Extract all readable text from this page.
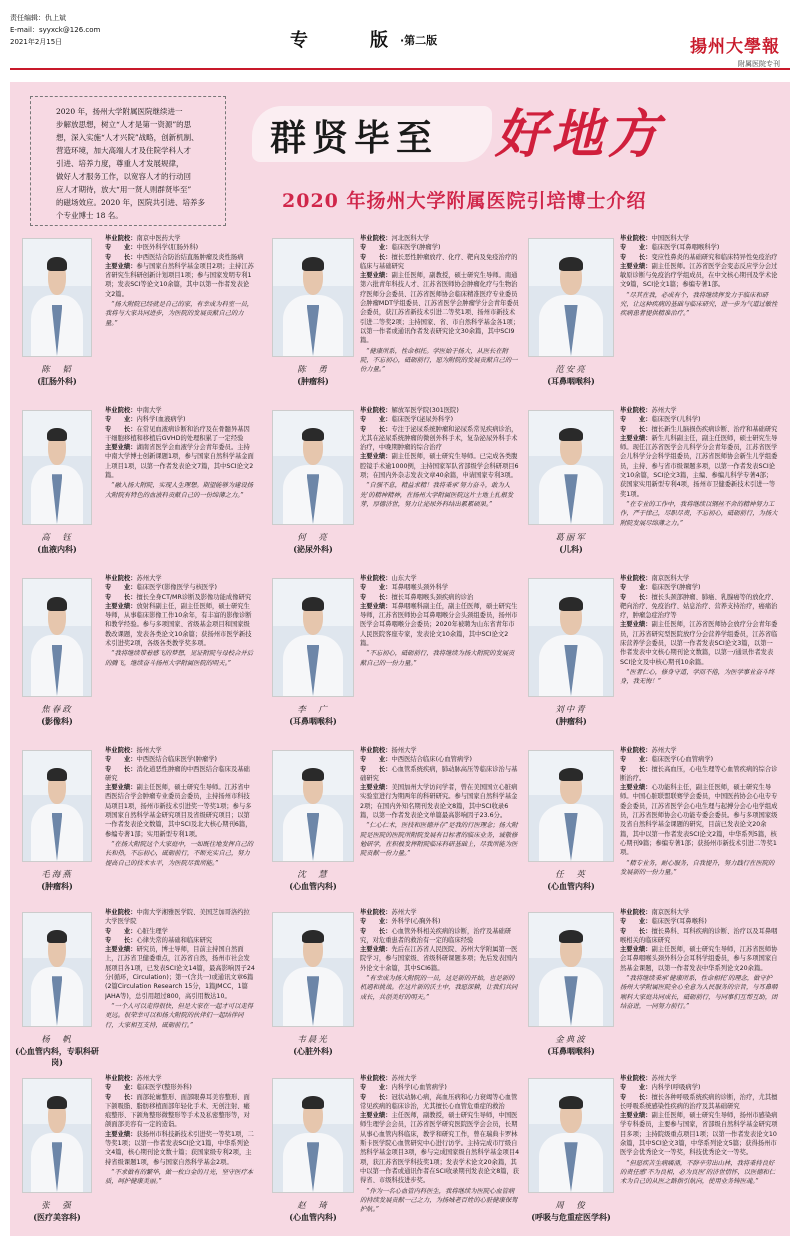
责任编辑：仇上斌
E-mail：syyxck@126.com
2021年2月15日	专　版
·第二版	揚州大學報
附属医院专刊
2020 年，扬州大学附属医院继续进一
步解放思想，树立“人才是第一资源”的思
想，深入实施“人才兴院”战略，创新机制、
营造环境，加大高端人才及住院学科人才
引进、培养力度，尊重人才发展规律，
做好人才服务工作，以宽容人才的行动回
应人才期待，放大“用一贤人则群贤毕至”
的磁场效应。2020 年，医院共引进、培养多
个专业博士 18 名。
群贤毕至 好地方
2020 年扬州大学附属医院引培博士介绍
陈　韬
(肛肠外科)

毕业院校：南京中医药大学

专　　业：中医外科学(肛肠外科)

专　　长：中西医结合防治结直肠肿瘤及炎性肠病

主要业绩：参与国家自然科学基金项目2项；主持江苏省研究生科研创新计划项目1项；参与国家发明专利1项；发表SCI等论文10余篇，其中以第一作者发表论文2篇。

“扬大附院已经就是自己的家，有幸成为科室一员，我将与大家共同进步，为医院的发展贡献自己的力量。”

陈　勇
(肿瘤科)

毕业院校：河北医科大学

专　　业：临床医学(肿瘤学)

专　　长：擅长恶性肿瘤放疗、化疗、靶向及免疫治疗的临床与基础研究

主要业绩：副主任医师，副教授，硕士研究生导师。南通第六批青年科技人才、江苏省医师协会肿瘤化疗与生物治疗医师分会委员、江苏省医师协会临床精准医疗专业委员会肿瘤MDT学组委员、江苏省医学会肿瘤学分会青年委员会委员，获江苏省新技术引进二等奖1项、扬州市新技术引进二等奖2项；主持国家、省、市自然科学基金各1项；以第一作者或通讯作者发表研究论文30余篇，其中SCI9篇。

“健康所系，性命相托。学医始于扬大，从医长在附院，不忘初心，砥砺前行，愿为附院的发展贡献自己的一份力量。”	范安亮
(耳鼻咽喉科)

毕业院校：中国医科大学

专　　业：临床医学(耳鼻咽喉科学)

专　　长：变应性鼻炎的基础研究和临床特异性免疫治疗

主要业绩：副主任医师。江苏省医学会变态反应学分会过敏原诊断与免疫治疗学组成员，在中文核心期刊及学术论文9篇，SCI论文1篇；参编专著1部。

“尽其在我，必成有个，我将继续挥发力于临床和研究，让这种疾病的基础与临床研究，进一步为气道过敏性疾病患者提供精准治疗。”

高　钰
(血液内科)

毕业院校：中南大学

专　　业：内科学(血液病学)

专　　长：在常见血液病诊断和治疗及在骨髓异基因干细胞移植和移植后GVHD的处理积累了一定经验

主要业绩：湖南省医学会血液学分会青年委员。主持中南大学博士创新课题1项，参与国家自然科学基金面上项目1项，以第一作者发表论文7篇，其中SCI论文2篇。

“融入扬大附院，实现人生理想。期望能够为建设扬大附院有特色的血液科贡献自己的一份绵薄之力。”

何　亮
(泌尿外科)

毕业院校：解放军医学院(301医院)

专　　业：临床医学(泌尿外科学)

专　　长：专注于泌尿系统肿瘤和泌尿系常见疾病诊治，尤其在泌尿系统肿瘤的微创外科手术，复杂泌尿外科手术治疗，中晚期肿瘤的综合治疗

主要业绩：副主任医师，硕士研究生导师。已完成各类腹腔镜手术逾1000例，主持国家军队省部级学会科研项目6项；在国内外杂志发表文章40余篇，申请国家专利3项。

“自强不息，精益求精！我将秉承‘努力奋斗，敢为人先’的精神精神，在扬州大学附属医院这片土地上扎根发芽，厚德济世，努力让泌尿外科结出累累硕果。”

葛丽军
(儿科)

毕业院校：苏州大学

专　　业：临床医学(儿科学)

专　　长：擅长新生儿脑损伤疾病诊断、治疗和基础研究

主要业绩：新生儿科副主任，副主任医师，硕士研究生导师。现任江苏省医学会儿科学分会青年委员，江苏省医学会儿科学分会科学组委员，江苏省医师协会新生儿学组委员，主持、参与省市级课题多项，以第一作者发表SCI论文10余篇，SCI论文3篇，主编、参编儿科学专著4部；获国家实用新型专利4项，扬州市卫健委新技术引进一等奖1项。

“在专业的工作中，我将继续以钢丝不舍的精神努力工作，严于律己，尽职尽责，不忘初心，砥砺前行，为扬大附院发展尽绵薄之力。”

焦春政
(影像科)

毕业院校：苏州大学

专　　业：临床医学(影像医学与核医学)

专　　长：擅长全身CT/MR诊断及影像功能成像研究

主要业绩：放射科副主任，副主任医师，硕士研究生导师，从事临床影像工作10余年，有丰富的影像诊断和教学经验。参与多项国家、省级基金项目和国家级教改课题，发表各类论文10余篇；获扬州市医学新技术引进奖2项，各级各类教学奖多项。

“我将继续带着感飞的梦想，见证附院与母校合并后的腾飞，继续奋斗扬州大学附属医院的明天。”

李　广
(耳鼻咽喉科)

毕业院校：山东大学

专　　业：耳鼻咽喉头颈外科学

专　　长：擅长耳鼻咽喉头颈疾病的诊治

主要业绩：耳鼻咽喉科副主任，副主任医师，硕士研究生导师，江苏省医师协会耳鼻咽喉分会头颈组委员，扬州市医学会耳鼻咽喉分会委员；2020年被聘为山东省青年市人民医院客座专家，发表论文10余篇，其中SCI论文2篇。

“不忘初心，砥砺前行，我将继续为扬大附院的发展贡献自己的一份力量。”

刘中青
(肿瘤科)

毕业院校：南京医科大学

专　　业：临床医学(肿瘤学)

专　　长：擅长头颈部肿瘤、肺癌、乳腺癌等的放化疗、靶向治疗、免疫治疗、姑息治疗、营养支持治疗，癌痛治疗，肿瘤急症治疗等

主要业绩：副主任医师，江苏省医师协会放疗分会青年委员，江苏省研究型医院放疗分会营养学组委员，江苏省临床营养学会委员，以第一作者发表SCI论文3篇，以第一作者发表中文核心期刊论文数篇，以第一/通讯作者发表SCI论文及中核心期刊10余篇。

“医者仁心，修身守道，学而不倦，为医学事业奋斗终身，我无悔！”

毛海燕
(肿瘤科)

毕业院校：扬州大学

专　　业：中西医结合临床医学(肿瘤学)

专　　长：消化道恶性肿瘤的中西医结合临床及基础研究

主要业绩：副主任医师，硕士研究生导师。江苏省中西医结合学会肿瘤专业委员会委员，主持扬州市科技局项目1项，扬州市新技术引进奖一等奖1项；参与多项国家自然科学基金研究项目及省级研究项目；以第一作者发表论文数篇，其中SCI及北大核心期刊6篇，参编专著1部；实用新型专利1项。

“在扬大附院这个大家庭中，一如既往地发挥自己的长和热，不忘初心，砥砺前行，不断充实自己，努力提高自己的技术水平，为医院尽我所能。”

沈　慧
(心血管内科)

毕业院校：扬州大学

专　　业：中西医结合临床(心血管病学)

专　　长：心血管系统疾病，肺动脉高压等临床诊治与基础研究

主要业绩：美国加州大学访问学者，曾在美国国立心脏病实验室进行为期两年的科研研究。参与国家自然科学基金2项；在国内外知名期刊发表论文8篇，其中SCI收录6篇，以第一作者发表论文单篇最高影响因子23.6分。

“仁心仁术，医技和医德并存”是我的行医理念；扬大附院是医院的医院所附院发展有目标者的临床业务，诚敬修勉研学，在积极发挥附院临床科研基础上，尽我所能为医院贡献一份力量。”

任　英
(心血管内科)

毕业院校：苏州大学

专　　业：临床医学(心血管病学)

专　　长：擅长高血压，心电生理等心血管疾病的综合诊断治疗。

主要业绩：心功能科主任，副主任医师，硕士研究生导师。中国心脏联盟联赛学会委员，中国医药协会心电专专委会委员，江苏省医学会心电生理与起搏分会心电学组成员，江苏省医师协会心功能专委会委员。参与多项国家级及省自然科学基金课题的研究，目前已发表论文20余篇，其中以第一作者发表SCI论文2篇，中华系列5篇，核心期刊9篇；参编专著1部；获扬州市新技术引进二等奖1项。

“精专业务，耐心服务，自我提升，努力践行在医院的发展新的一份力量。”

杨　帆
(心血管内科，专职科研岗)

毕业院校：中南大学湘雅医学院、美国芝加哥洛约拉大学医学院

专　　业：心脏生理学

专　　长：心律失常的基础和临床研究

主要业绩：研究员，博士导师，目前主持国自然面上，江苏省卫健委重点，江苏省自然，扬州市社会发展项目各1项，已发表SCI论文14篇，最高影响因子24分(循环，Circulation)；第一(含共一)或通讯文章6篇(2篇Circulation Research 15分，1篇JMCC，1篇JAHA等)，总引用超过800，高引用数达10。

“一个人可以走得很快，但是大家在一起才可以走得更远。很荣幸可以和扬大附院的伙伴们一起结伴同行，大家相互支持，砥砺前行。”

韦晨光
(心脏外科)

毕业院校：苏州大学

专　　业：外科学(心胸外科)

专　　长：心血管外科相关疾病的诊断，治疗及基础研究，对危重患者的救治有一定的临床经验

主要业绩：先后在江苏省人民医院、苏州大学附属第一医院学习，参与国家级、省级科研课题多项；先后发表国内外论文十余篇，其中SCI6篇。

“有幸成为扬大附院的一员，这是新的开始，也是新的机遇和挑战。在这片新的沃土中，我愿深耕，让我们共同成长，共创美好的明天。”

金典波
(耳鼻咽喉科)

毕业院校：南京医科大学

专　　业：临床医学(耳鼻喉科)

专　　长：擅长鼻科、耳科疾病的诊断、治疗以及耳鼻咽喉相关的临床研究

主要业绩：副主任医师，硕士研究生导师，江苏省医师协会耳鼻咽喉头颈外科分会耳科学组委员，参与多项国家自然基金课题，以第一作者发表中华系列论文20余篇。

“我将继续秉承‘健康所系，性命相托’的理念，做守护扬州大学附属医院全心全意为人民服务的宗旨，与耳鼻咽喉科大家庭共同成长，砥砺前行，与同事们互帮互助，团结奋进，一同努力前行。”

张　强
(医疗美容科)

毕业院校：苏州大学

专　　业：临床医学(整形外科)

专　　长：面部轮廓整形、面部眼鼻耳美容整形、面下颌吸脂、脂肪移植面部年轻化手术、无创注射、瘢痕整形、下颌角整形微整形等手术及私密整形等，对颌面部美容有一定的造诣。

主要业绩：获扬州市科技新技术引进奖一等奖1项，二等奖1项；以第一作者发表SCI论文1篇，中华系列论文4篇，核心期刊论文数十篇；获国家级专利2项，主持省级课题1项，参与国家自然科学基金2项。

“不求做有的繁华，做一枚白金的月光，坚守医疗本质，呵护健康美丽。”

赵　琦
(心血管内科)

毕业院校：苏州大学

专　　业：内科学(心血管病学)

专　　长：冠状动脉心病，高血压病和心力衰竭等心血管常见疾病的临床诊治，尤其擅长心血管危重症的救治

主要业绩：主任医师，副教授，硕士研究生导师，中国医师生理学会会员，江苏省医学研究医院医学会会员，长期从事心血管内科临床，教学和研究工作，曾在瑞典卡罗林斯卡医学院心血管研究中心进行访学。主持完成市厅级自然科学基金项目3项，参与完成国家级自然科学基金项目4项，获江苏省医学科技奖1项；发表学术论文20余篇，其中以第一作者或通讯作者在SCI收录期刊发表论文8篇，获得省、市级科技进步奖。

“作为一名心血管内科医生，我将继续为医院心血管病的持续发展贡献一己之力，为扬城老百姓的心脏健康保驾护航。”	周　俊
(呼吸与危重症医学科)

毕业院校：苏州大学

专　　业：内科学(呼吸病学)

专　　长：擅长各种呼吸系统疾病的诊断，治疗，尤其擅长呼吸系统感染性疾病的治疗及其基础研究

主要业绩：副主任医师，硕士研究生导师，扬州市感染病学专科委员，主要参与国家，省部级自然科学基金研究项目多项；主持院级重点项目1项；以第一作者发表论文10余篇，其中SCI论文3篇，中华系列论文5篇；获得扬州市医学会优秀论文一等奖，科技优秀论文一等奖。

“但愿疾苦生病痛涌，不辞辛劳出山林，我将秉持良好的责任感‘不为良相，必为良医’的济世情怀，以医德和仁术为自己的从医之路指引航向，使用业务铸医魂。”
